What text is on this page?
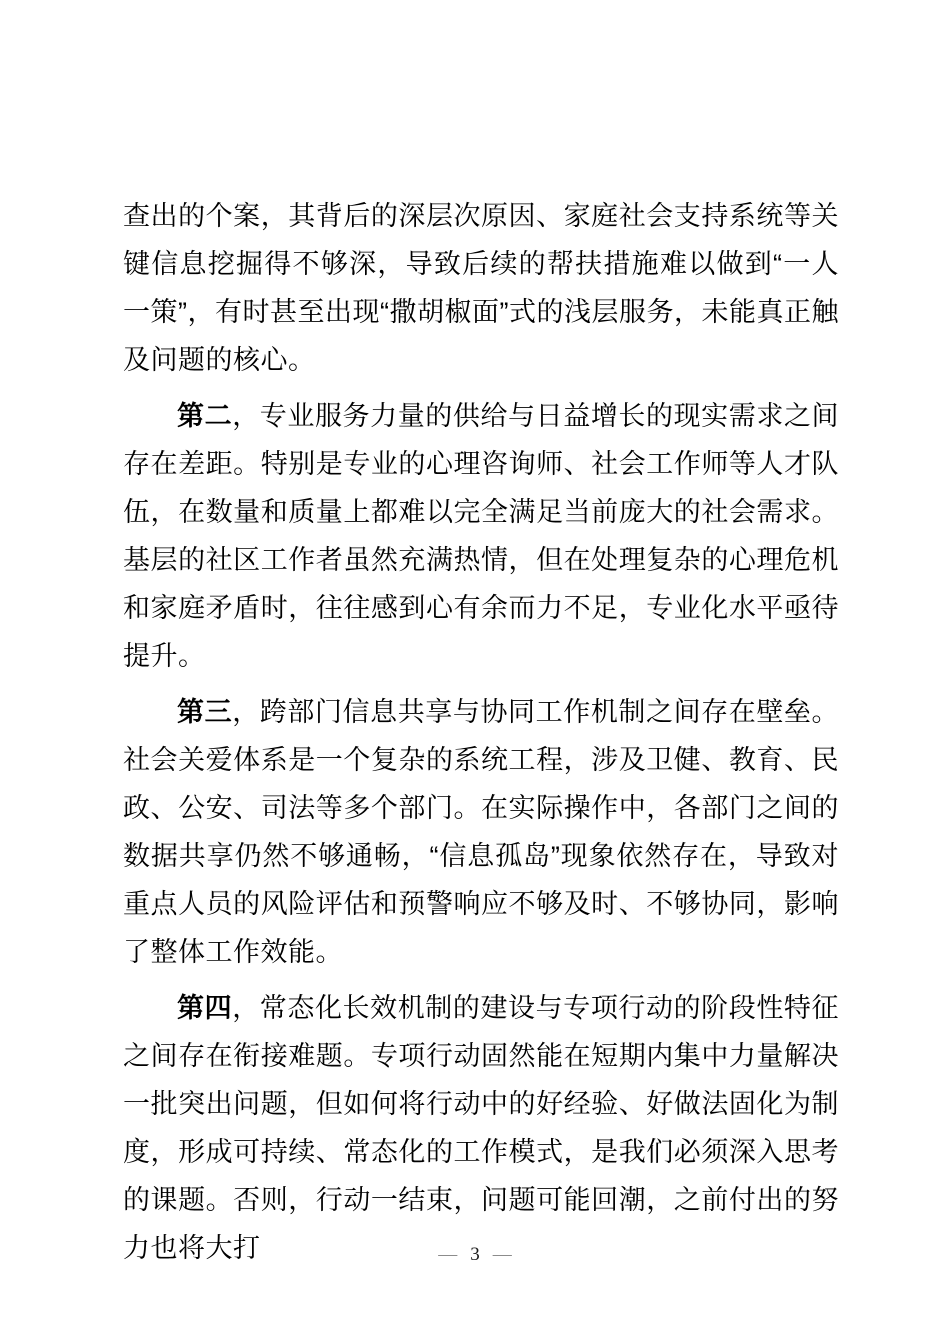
查出的个案，其背后的深层次原因、家庭社会支持系统等关键信息挖掘得不够深，导致后续的帮扶措施难以做到“一人一策”，有时甚至出现“撒胡椒面”式的浅层服务，未能真正触及问题的核心。

第二，专业服务力量的供给与日益增长的现实需求之间存在差距。特别是专业的心理咨询师、社会工作师等人才队伍，在数量和质量上都难以完全满足当前庞大的社会需求。基层的社区工作者虽然充满热情，但在处理复杂的心理危机和家庭矛盾时，往往感到心有余而力不足，专业化水平亟待提升。

第三，跨部门信息共享与协同工作机制之间存在壁垒。社会关爱体系是一个复杂的系统工程，涉及卫健、教育、民政、公安、司法等多个部门。在实际操作中，各部门之间的数据共享仍然不够通畅，“信息孤岛”现象依然存在，导致对重点人员的风险评估和预警响应不够及时、不够协同，影响了整体工作效能。

第四，常态化长效机制的建设与专项行动的阶段性特征之间存在衔接难题。专项行动固然能在短期内集中力量解决一批突出问题，但如何将行动中的好经验、好做法固化为制度，形成可持续、常态化的工作模式，是我们必须深入思考的课题。否则，行动一结束，问题可能回潮，之前付出的努力也将大打	— 3 —
